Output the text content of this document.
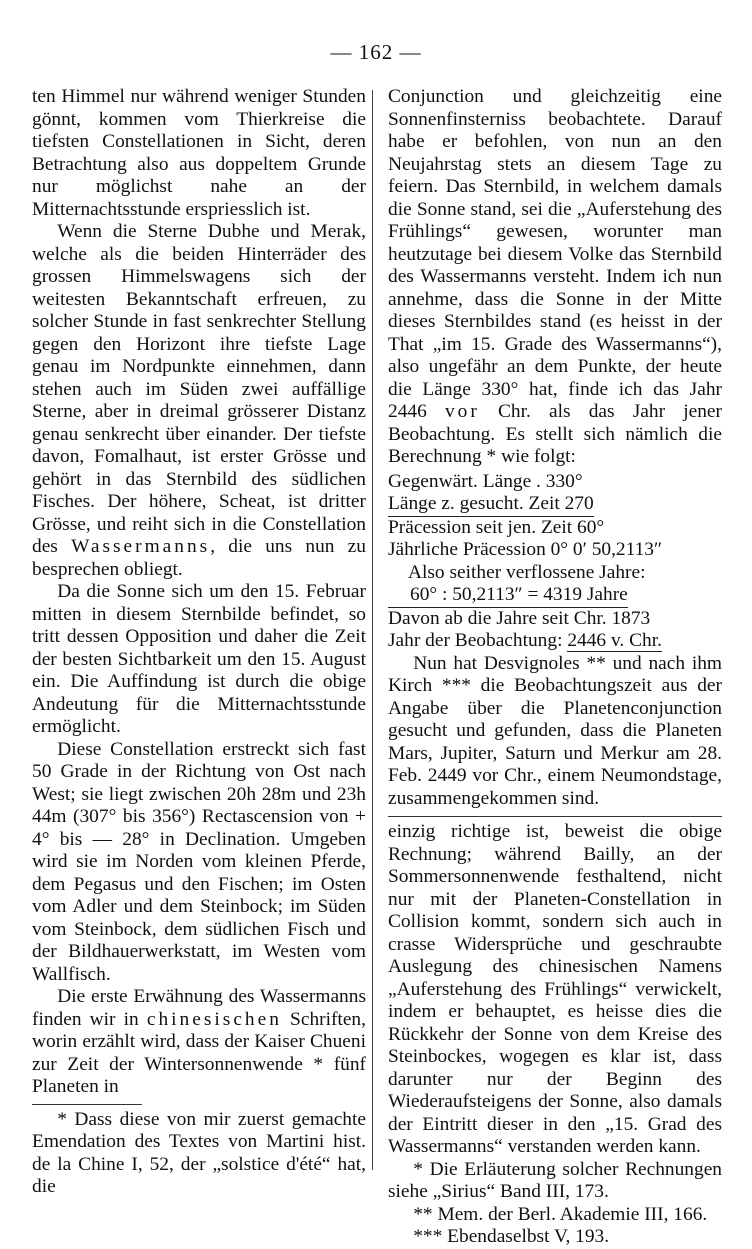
— 162 —

ten Himmel nur während weniger Stunden gönnt, kommen vom Thierkreise die tiefsten Constellationen in Sicht, deren Betrachtung also aus doppeltem Grunde nur möglichst nahe an der Mitternachtsstunde erspriesslich ist.

Wenn die Sterne Dubhe und Merak, welche als die beiden Hinterräder des grossen Himmelswagens sich der weitesten Bekanntschaft erfreuen, zu solcher Stunde in fast senkrechter Stellung gegen den Horizont ihre tiefste Lage genau im Nordpunkte einnehmen, dann stehen auch im Süden zwei auffällige Sterne, aber in dreimal grösserer Distanz genau senkrecht über einander. Der tiefste davon, Fomalhaut, ist erster Grösse und gehört in das Sternbild des südlichen Fisches. Der höhere, Scheat, ist dritter Grösse, und reiht sich in die Constellation des Wassermanns, die uns nun zu besprechen obliegt.

Da die Sonne sich um den 15. Februar mitten in diesem Sternbilde befindet, so tritt dessen Opposition und daher die Zeit der besten Sichtbarkeit um den 15. August ein. Die Auffindung ist durch die obige Andeutung für die Mitternachtsstunde ermöglicht.

Diese Constellation erstreckt sich fast 50 Grade in der Richtung von Ost nach West; sie liegt zwischen 20h 28m und 23h 44m (307° bis 356°) Rectascension von + 4° bis — 28° in Declination. Umgeben wird sie im Norden vom kleinen Pferde, dem Pegasus und den Fischen; im Osten vom Adler und dem Steinbock; im Süden vom Steinbock, dem südlichen Fisch und der Bildhauerwerkstatt, im Westen vom Wallfisch.

Die erste Erwähnung des Wassermanns finden wir in chinesischen Schriften, worin erzählt wird, dass der Kaiser Chueni zur Zeit der Wintersonnenwende * fünf Planeten in

* Dass diese von mir zuerst gemachte Emendation des Textes von Martini hist. de la Chine I, 52, der „solstice d'été“ hat, die

Conjunction und gleichzeitig eine Sonnenfinsterniss beobachtete. Darauf habe er befohlen, von nun an den Neujahrstag stets an diesem Tage zu feiern. Das Sternbild, in welchem damals die Sonne stand, sei die „Auferstehung des Frühlings“ gewesen, worunter man heutzutage bei diesem Volke das Sternbild des Wassermanns versteht. Indem ich nun annehme, dass die Sonne in der Mitte dieses Sternbildes stand (es heisst in der That „im 15. Grade des Wassermanns“), also ungefähr an dem Punkte, der heute die Länge 330° hat, finde ich das Jahr 2446 vor Chr. als das Jahr jener Beobachtung. Es stellt sich nämlich die Berechnung * wie folgt:

Gegenwärt. Länge . 330°
Länge z. gesucht. Zeit 270
Präcession seit jen. Zeit 60°
Jährliche Präcession 0° 0′ 50,2113″
Also seither verflossene Jahre:
60° : 50,2113″ = 4319 Jahre
Davon ab die Jahre seit Chr. 1873
Jahr der Beobachtung: 2446 v. Chr.

Nun hat Desvignoles ** und nach ihm Kirch *** die Beobachtungszeit aus der Angabe über die Planetenconjunction gesucht und gefunden, dass die Planeten Mars, Jupiter, Saturn und Merkur am 28. Feb. 2449 vor Chr., einem Neumondstage, zusammengekommen sind.

einzig richtige ist, beweist die obige Rechnung; während Bailly, an der Sommersonnenwende festhaltend, nicht nur mit der Planeten-Constellation in Collision kommt, sondern sich auch in crasse Widersprüche und geschraubte Auslegung des chinesischen Namens „Auferstehung des Frühlings“ verwickelt, indem er behauptet, es heisse dies die Rückkehr der Sonne von dem Kreise des Steinbockes, wogegen es klar ist, dass darunter nur der Beginn des Wiederaufsteigens der Sonne, also damals der Eintritt dieser in den „15. Grad des Wassermanns“ verstanden werden kann.

* Die Erläuterung solcher Rechnungen siehe „Sirius“ Band III, 173.

** Mem. der Berl. Akademie III, 166.

*** Ebendaselbst V, 193.
